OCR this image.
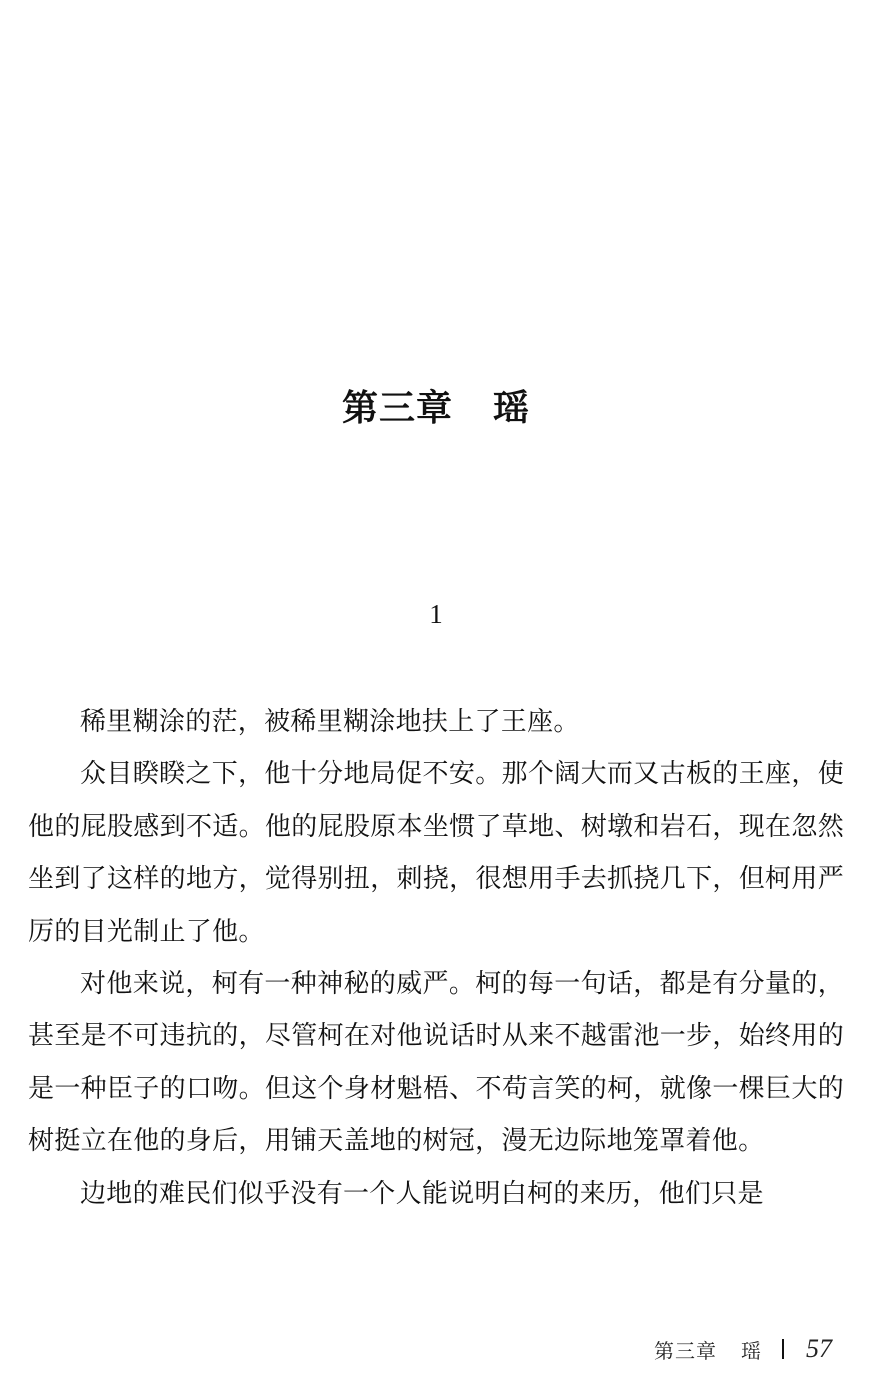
第三章 瑶
1

稀里糊涂的茫，被稀里糊涂地扶上了王座。

众目睽睽之下，他十分地局促不安。那个阔大而又古板的王座，使他的屁股感到不适。他的屁股原本坐惯了草地、树墩和岩石，现在忽然坐到了这样的地方，觉得别扭，刺挠，很想用手去抓挠几下，但柯用严厉的目光制止了他。

对他来说，柯有一种神秘的威严。柯的每一句话，都是有分量的，甚至是不可违抗的，尽管柯在对他说话时从来不越雷池一步，始终用的是一种臣子的口吻。但这个身材魁梧、不苟言笑的柯，就像一棵巨大的树挺立在他的身后，用铺天盖地的树冠，漫无边际地笼罩着他。

边地的难民们似乎没有一个人能说明白柯的来历，他们只是

第三章 瑶 57
